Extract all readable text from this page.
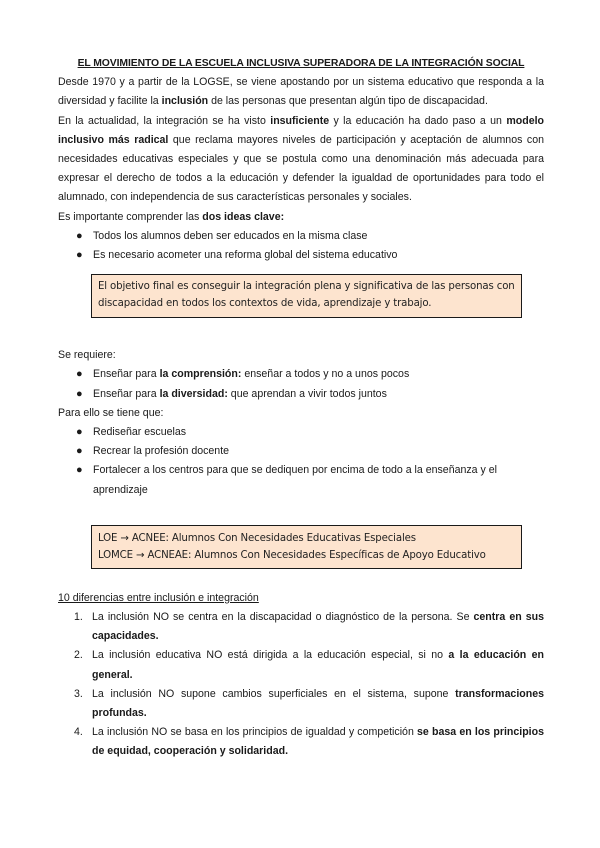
EL MOVIMIENTO DE LA ESCUELA INCLUSIVA SUPERADORA DE LA INTEGRACIÓN SOCIAL

Desde 1970 y a partir de la LOGSE, se viene apostando por un sistema educativo que responda a la diversidad y facilite la inclusión de las personas que presentan algún tipo de discapacidad.

En la actualidad, la integración se ha visto insuficiente y la educación ha dado paso a un modelo inclusivo más radical que reclama mayores niveles de participación y aceptación de alumnos con necesidades educativas especiales y que se postula como una denominación más adecuada para expresar el derecho de todos a la educación y defender la igualdad de oportunidades para todo el alumnado, con independencia de sus características personales y sociales.

Es importante comprender las dos ideas clave:

● Todos los alumnos deben ser educados en la misma clase
● Es necesario acometer una reforma global del sistema educativo
El objetivo final es conseguir la integración plena y significativa de las personas con discapacidad en todos los contextos de vida, aprendizaje y trabajo.

Se requiere:

● Enseñar para la comprensión: enseñar a todos y no a unos pocos
● Enseñar para la diversidad: que aprendan a vivir todos juntos

Para ello se tiene que:

● Rediseñar escuelas
● Recrear la profesión docente
● Fortalecer a los centros para que se dediquen por encima de todo a la enseñanza y el aprendizaje
LOE → ACNEE: Alumnos Con Necesidades Educativas Especiales
LOMCE → ACNEAE: Alumnos Con Necesidades Específicas de Apoyo Educativo

10 diferencias entre inclusión e integración

1. La inclusión NO se centra en la discapacidad o diagnóstico de la persona. Se centra en sus capacidades.
2. La inclusión educativa NO está dirigida a la educación especial, si no a la educación en general.
3. La inclusión NO supone cambios superficiales en el sistema, supone transformaciones profundas.
4. La inclusión NO se basa en los principios de igualdad y competición se basa en los principios de equidad, cooperación y solidaridad.
